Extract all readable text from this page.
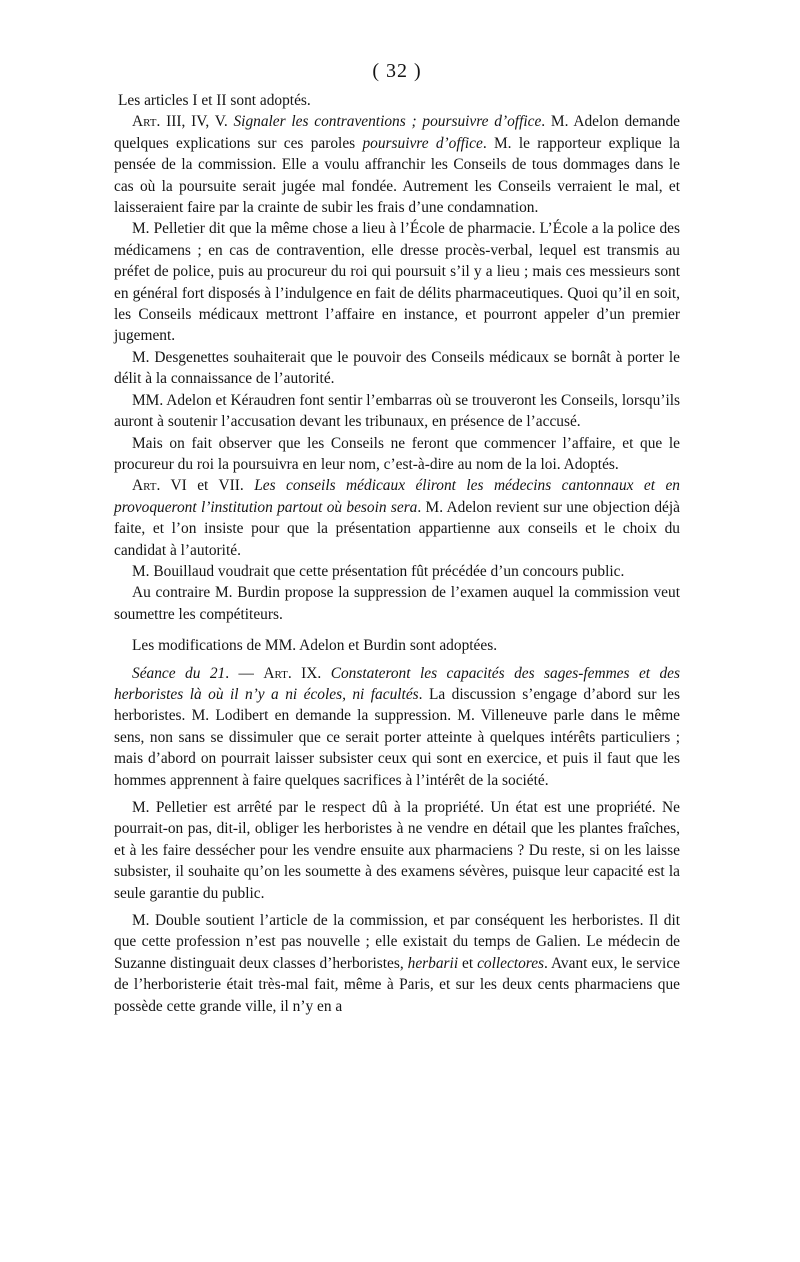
( 32 )

Les articles I et II sont adoptés.

Art. III, IV, V. Signaler les contraventions ; poursuivre d’office. M. Adelon demande quelques explications sur ces paroles poursuivre d’office. M. le rapporteur explique la pensée de la commission. Elle a voulu affranchir les Conseils de tous dommages dans le cas où la poursuite serait jugée mal fondée. Autrement les Conseils verraient le mal, et laisseraient faire par la crainte de subir les frais d’une condamnation.

M. Pelletier dit que la même chose a lieu à l’École de pharmacie. L’École a la police des médicamens ; en cas de contravention, elle dresse procès-verbal, lequel est transmis au préfet de police, puis au procureur du roi qui poursuit s’il y a lieu ; mais ces messieurs sont en général fort disposés à l’indulgence en fait de délits pharmaceutiques. Quoi qu’il en soit, les Conseils médicaux mettront l’affaire en instance, et pourront appeler d’un premier jugement.

M. Desgenettes souhaiterait que le pouvoir des Conseils médicaux se bornât à porter le délit à la connaissance de l’autorité.

MM. Adelon et Kéraudren font sentir l’embarras où se trouveront les Conseils, lorsqu’ils auront à soutenir l’accusation devant les tribunaux, en présence de l’accusé.

Mais on fait observer que les Conseils ne feront que commencer l’affaire, et que le procureur du roi la poursuivra en leur nom, c’est-à-dire au nom de la loi. Adoptés.

Art. VI et VII. Les conseils médicaux éliront les médecins cantonnaux et en provoqueront l’institution partout où besoin sera. M. Adelon revient sur une objection déjà faite, et l’on insiste pour que la présentation appartienne aux conseils et le choix du candidat à l’autorité.

M. Bouillaud voudrait que cette présentation fût précédée d’un concours public.

Au contraire M. Burdin propose la suppression de l’examen auquel la commission veut soumettre les compétiteurs.

Les modifications de MM. Adelon et Burdin sont adoptées.

Séance du 21. — Art. IX. Constateront les capacités des sages-femmes et des herboristes là où il n’y a ni écoles, ni facultés. La discussion s’engage d’abord sur les herboristes. M. Lodibert en demande la suppression. M. Villeneuve parle dans le même sens, non sans se dissimuler que ce serait porter atteinte à quelques intérêts particuliers ; mais d’abord on pourrait laisser subsister ceux qui sont en exercice, et puis il faut que les hommes apprennent à faire quelques sacrifices à l’intérêt de la société.

M. Pelletier est arrêté par le respect dû à la propriété. Un état est une propriété. Ne pourrait-on pas, dit-il, obliger les herboristes à ne vendre en détail que les plantes fraîches, et à les faire dessécher pour les vendre ensuite aux pharmaciens ? Du reste, si on les laisse subsister, il souhaite qu’on les soumette à des examens sévères, puisque leur capacité est la seule garantie du public.

M. Double soutient l’article de la commission, et par conséquent les herboristes. Il dit que cette profession n’est pas nouvelle ; elle existait du temps de Galien. Le médecin de Suzanne distinguait deux classes d’herboristes, herbarii et collectores. Avant eux, le service de l’herboristerie était très-mal fait, même à Paris, et sur les deux cents pharmaciens que possède cette grande ville, il n’y en a
